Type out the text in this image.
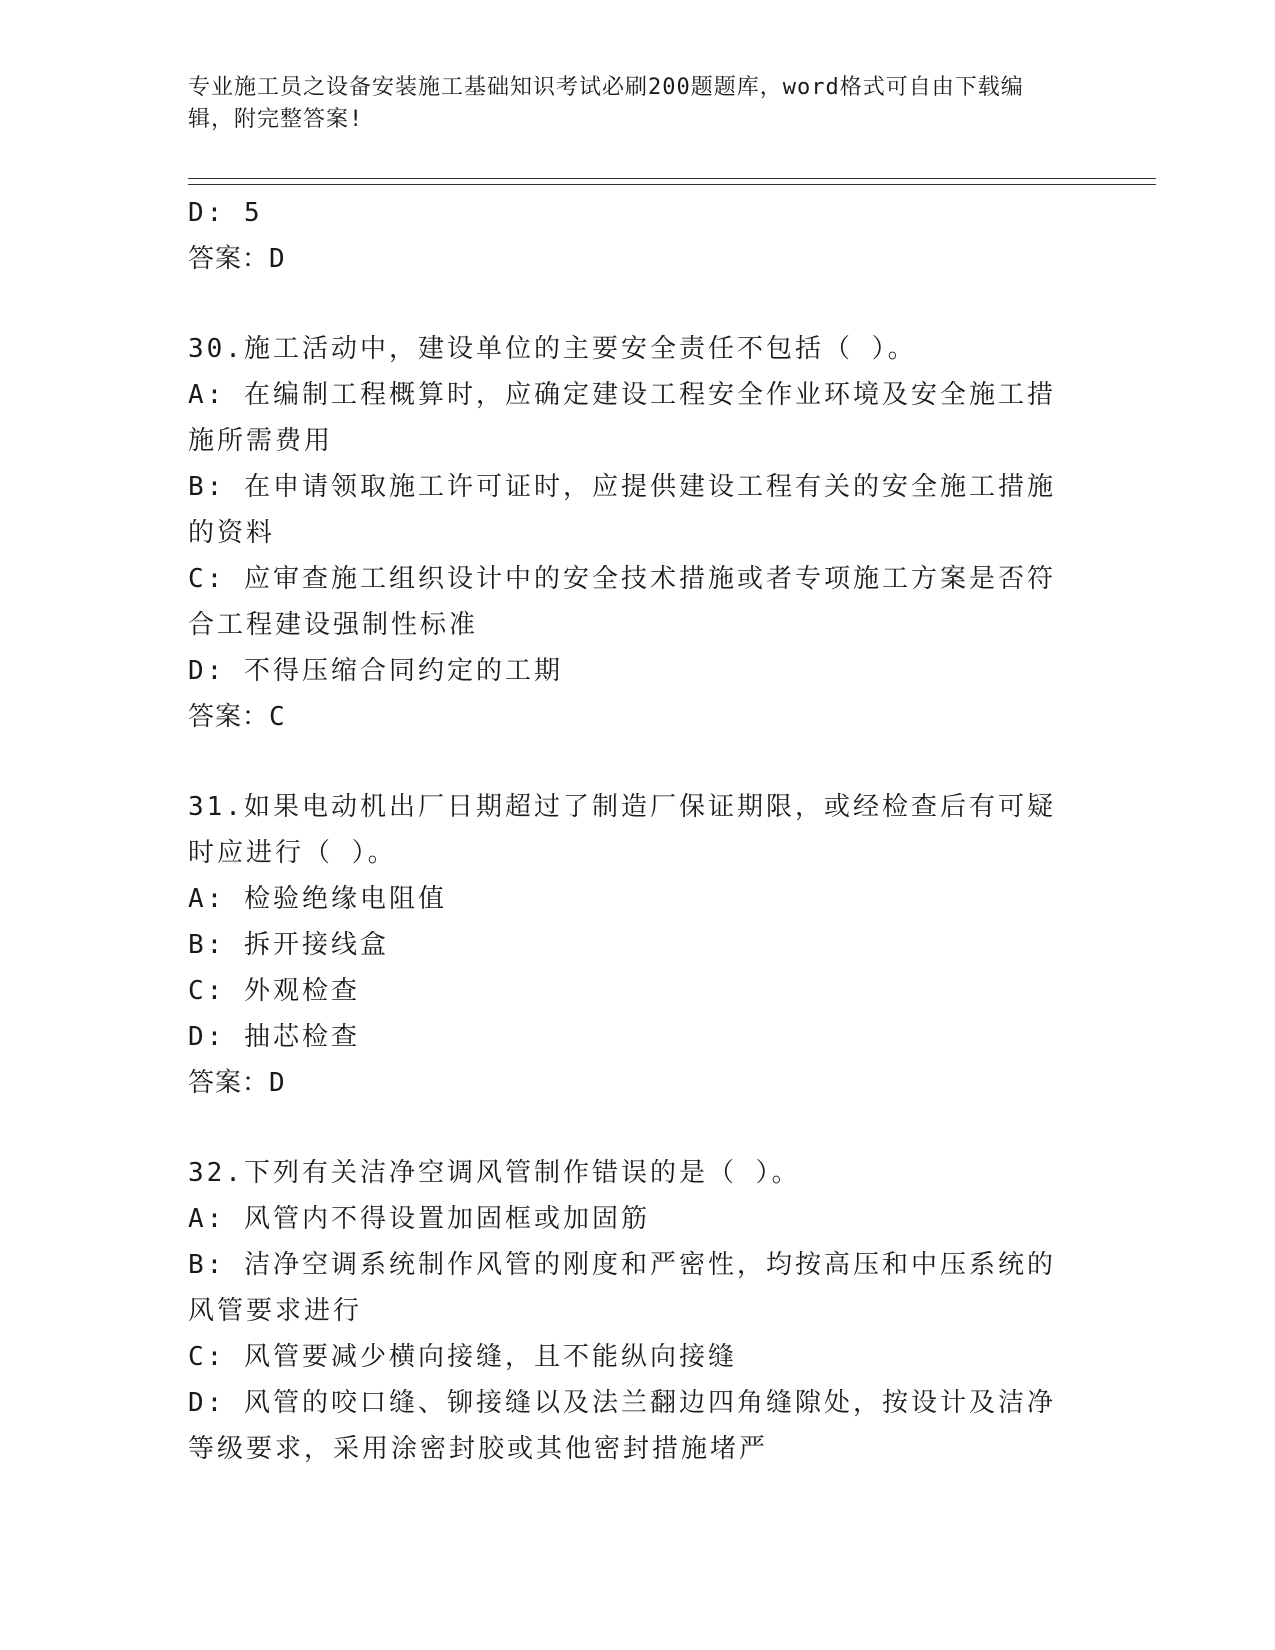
专业施工员之设备安装施工基础知识考试必刷200题题库，word格式可自由下载编辑，附完整答案!

D: 5

答案：D

30.施工活动中，建设单位的主要安全责任不包括（ ）。

A: 在编制工程概算时，应确定建设工程安全作业环境及安全施工措施所需费用

B: 在申请领取施工许可证时，应提供建设工程有关的安全施工措施的资料

C: 应审查施工组织设计中的安全技术措施或者专项施工方案是否符合工程建设强制性标准

D: 不得压缩合同约定的工期

答案：C

31.如果电动机出厂日期超过了制造厂保证期限，或经检查后有可疑时应进行（ ）。

A: 检验绝缘电阻值

B: 拆开接线盒

C: 外观检查

D: 抽芯检查

答案：D

32.下列有关洁净空调风管制作错误的是（ ）。

A: 风管内不得设置加固框或加固筋

B: 洁净空调系统制作风管的刚度和严密性，均按高压和中压系统的风管要求进行

C: 风管要减少横向接缝，且不能纵向接缝

D: 风管的咬口缝、铆接缝以及法兰翻边四角缝隙处，按设计及洁净等级要求，采用涂密封胶或其他密封措施堵严
